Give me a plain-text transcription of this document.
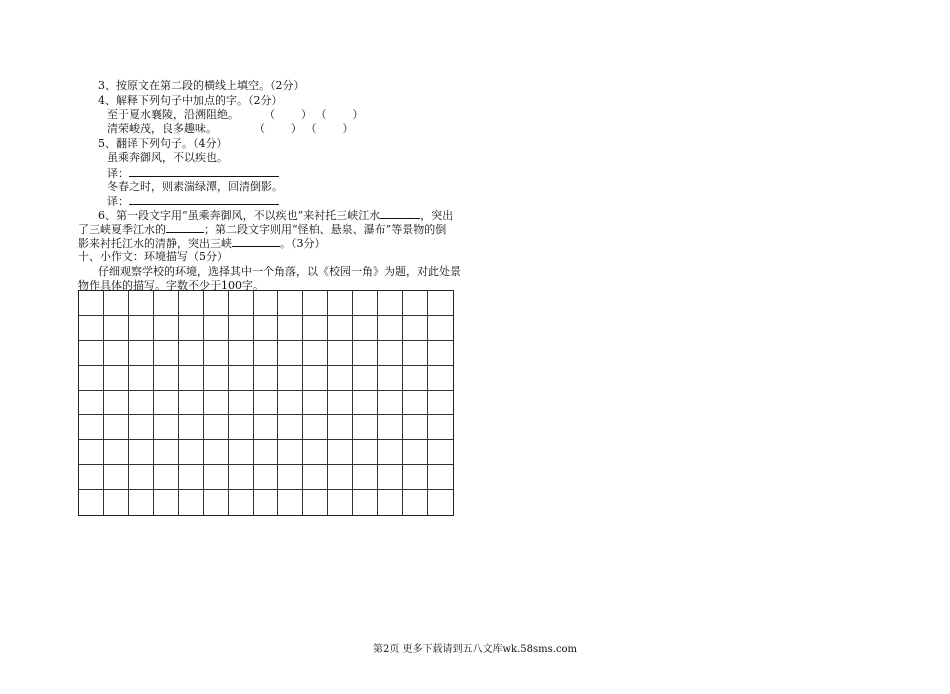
3、按原文在第二段的横线上填空。（2分）
4、解释下列句子中加点的字。（2分）
至于夏水襄陵，沿溯阻绝。 （ ） （ ）
清荣峻茂，良多趣味。	（ ） （ ）
5、翻译下列句子。（4分）
虽乘奔御风，不以疾也。
译：
冬春之时，则素湍绿潭，回清倒影。
译：
6、第一段文字用“虽乘奔御风，不以疾也”来衬托三峡江水	，突出
了三峡夏季江水的	；第二段文字则用“怪柏、悬泉、瀑布”等景物的倒
影来衬托江水的清静，突出三峡	。（3分）
十、小作文：环境描写（5分）
仔细观察学校的环境，选择其中一个角落，以《校园一角》为题，对此处景
物作具体的描写。字数不少于100字。
第2页 更多下载请到五八文库wk.58sms.com
